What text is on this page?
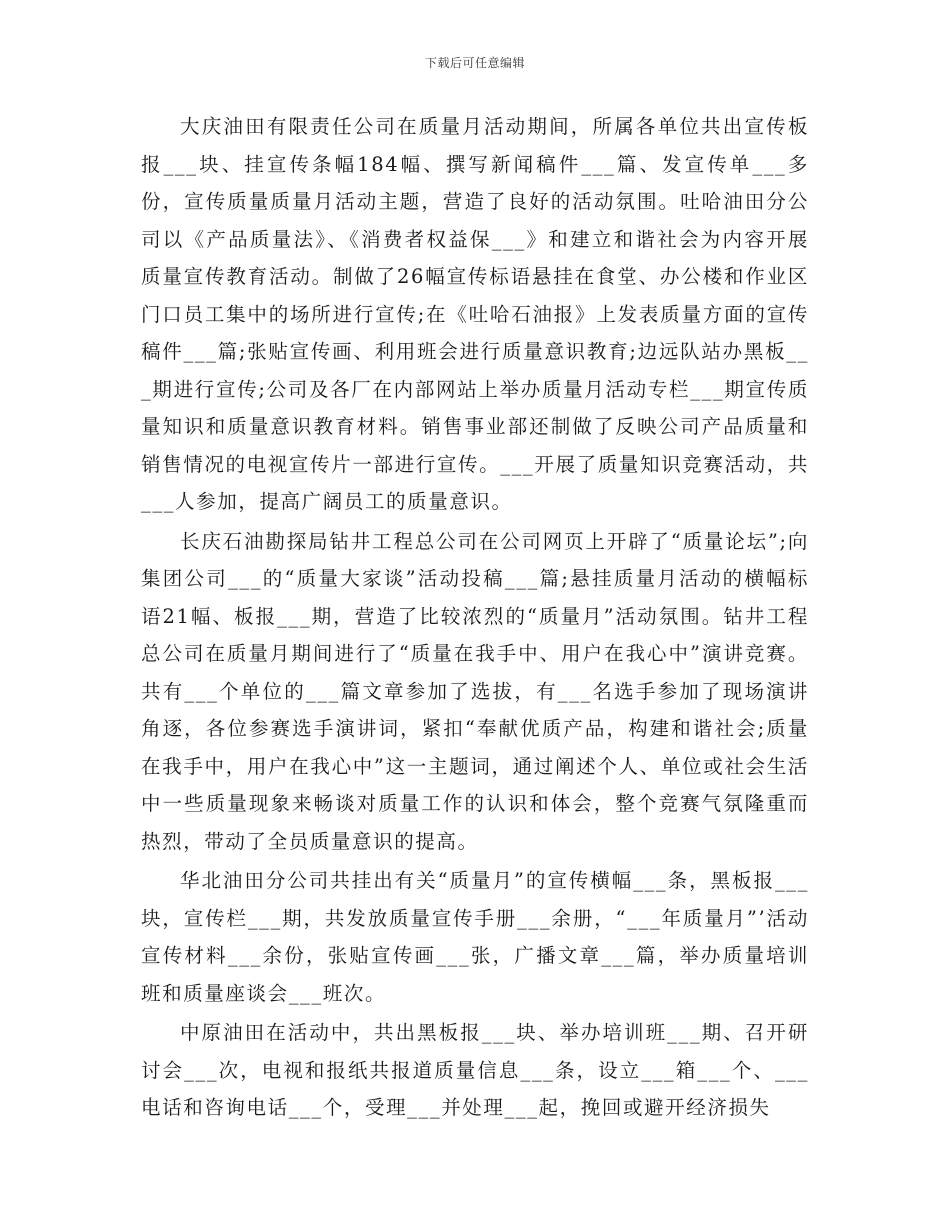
下载后可任意编辑

大庆油田有限责任公司在质量月活动期间，所属各单位共出宣传板报___块、挂宣传条幅184幅、撰写新闻稿件___篇、发宣传单___多份，宣传质量质量月活动主题，营造了良好的活动氛围。吐哈油田分公司以《产品质量法》、《消费者权益保___》和建立和谐社会为内容开展质量宣传教育活动。制做了26幅宣传标语悬挂在食堂、办公楼和作业区门口员工集中的场所进行宣传;在《吐哈石油报》上发表质量方面的宣传稿件___篇;张贴宣传画、利用班会进行质量意识教育;边远队站办黑板___期进行宣传;公司及各厂在内部网站上举办质量月活动专栏___期宣传质量知识和质量意识教育材料。销售事业部还制做了反映公司产品质量和销售情况的电视宣传片一部进行宣传。___开展了质量知识竞赛活动，共___人参加，提高广阔员工的质量意识。

长庆石油勘探局钻井工程总公司在公司网页上开辟了“质量论坛”;向集团公司___的“质量大家谈”活动投稿___篇;悬挂质量月活动的横幅标语21幅、板报___期，营造了比较浓烈的“质量月”活动氛围。钻井工程总公司在质量月期间进行了“质量在我手中、用户在我心中”演讲竞赛。共有___个单位的___篇文章参加了选拔，有___名选手参加了现场演讲角逐，各位参赛选手演讲词，紧扣“奉献优质产品，构建和谐社会;质量在我手中，用户在我心中”这一主题词，通过阐述个人、单位或社会生活中一些质量现象来畅谈对质量工作的认识和体会，整个竞赛气氛隆重而热烈，带动了全员质量意识的提高。

华北油田分公司共挂出有关“质量月”的宣传横幅___条，黑板报___块，宣传栏___期，共发放质量宣传手册___余册，“___年质量月”’活动宣传材料___余份，张贴宣传画___张，广播文章___篇，举办质量培训班和质量座谈会___班次。

中原油田在活动中，共出黑板报___块、举办培训班___期、召开研讨会___次，电视和报纸共报道质量信息___条，设立___箱___个、___电话和咨询电话___个，受理___并处理___起，挽回或避开经济损失
